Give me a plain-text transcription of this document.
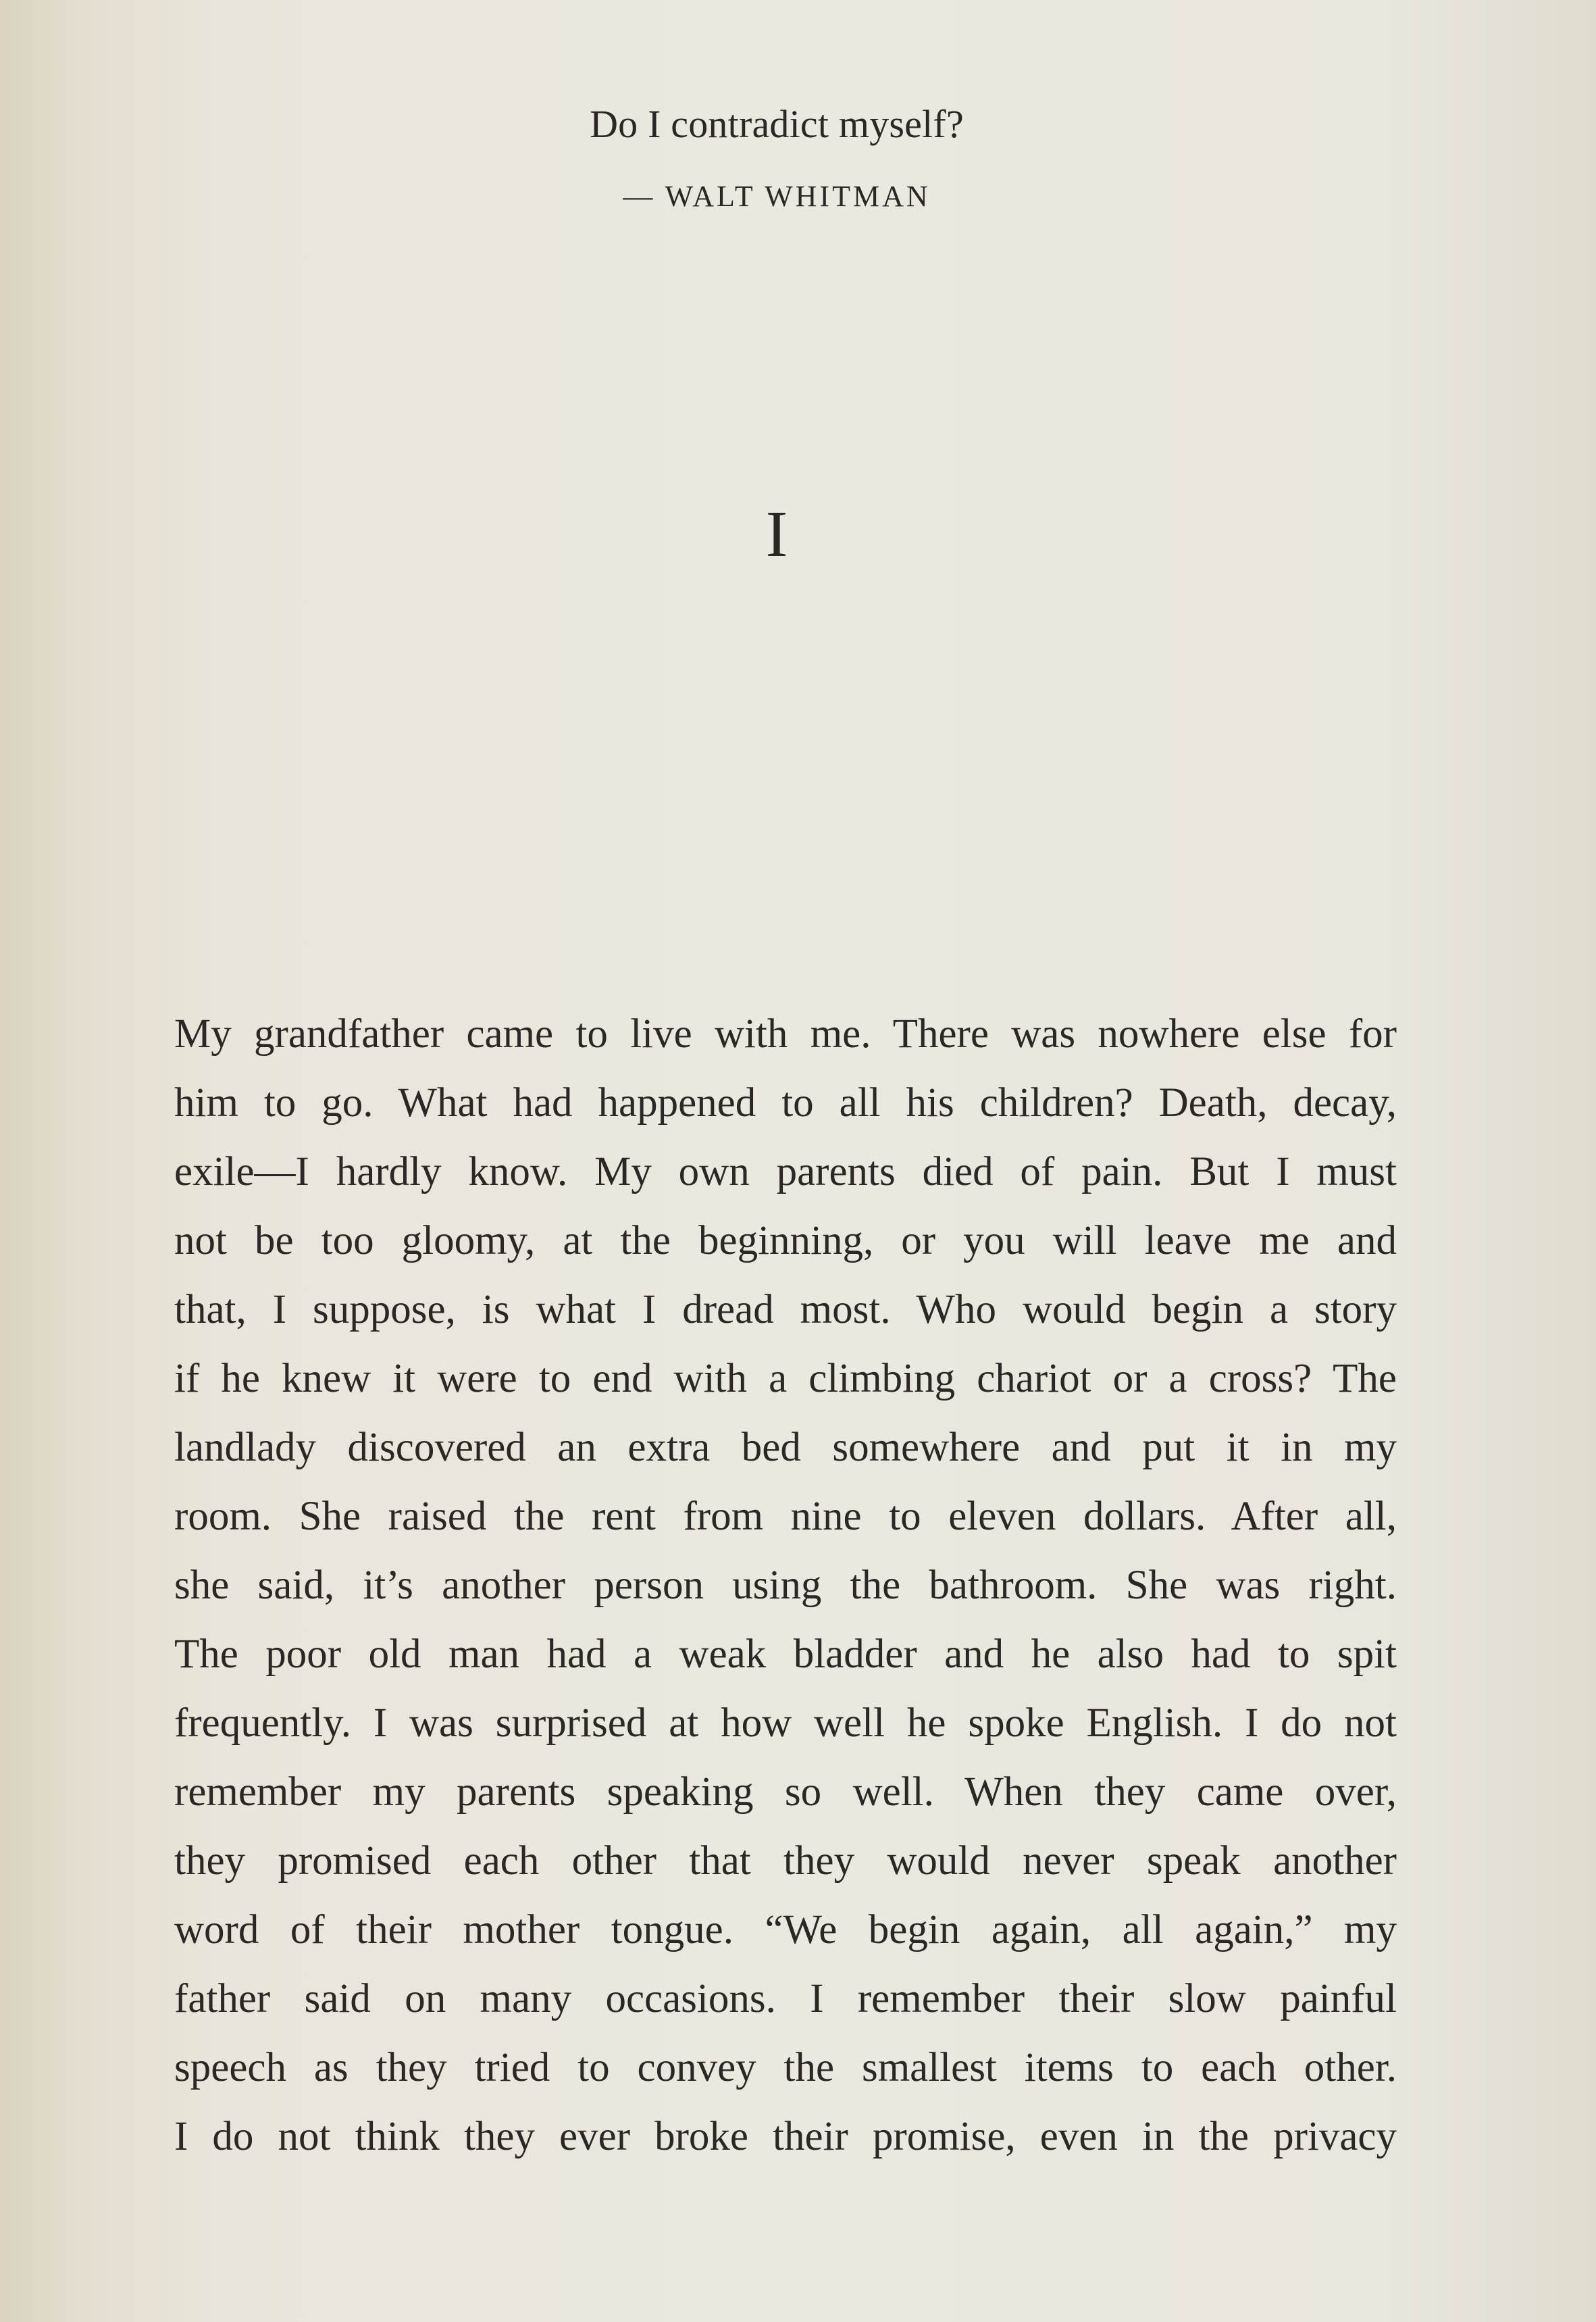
Do I contradict myself?
— WALT WHITMAN
I
My grandfather came to live with me. There was nowhere else for
him to go. What had happened to all his children? Death, decay,
exile—I hardly know. My own parents died of pain. But I must
not be too gloomy, at the beginning, or you will leave me and
that, I suppose, is what I dread most. Who would begin a story
if he knew it were to end with a climbing chariot or a cross? The
landlady discovered an extra bed somewhere and put it in my
room. She raised the rent from nine to eleven dollars. After all,
she said, it’s another person using the bathroom. She was right.
The poor old man had a weak bladder and he also had to spit
frequently. I was surprised at how well he spoke English. I do not
remember my parents speaking so well. When they came over,
they promised each other that they would never speak another
word of their mother tongue. “We begin again, all again,” my
father said on many occasions. I remember their slow painful
speech as they tried to convey the smallest items to each other.
I do not think they ever broke their promise, even in the privacy
